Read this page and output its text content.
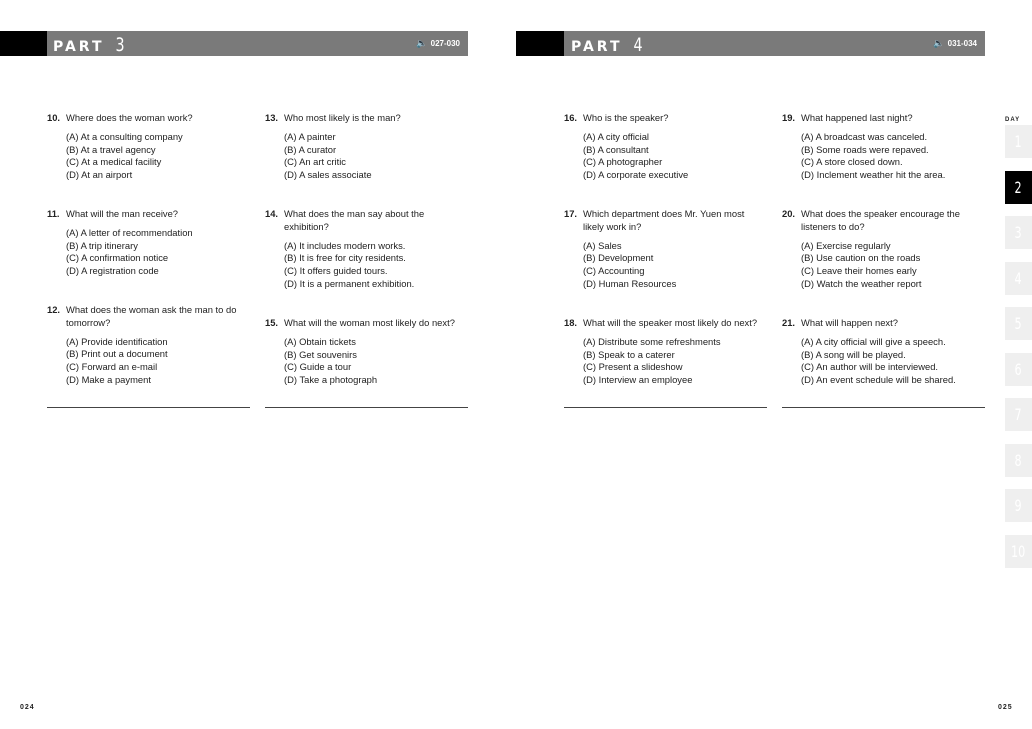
PART 3	🔈 027-030	PART 4	🔈 031-034
10. Where does the woman work?
(A) At a consulting company
(B) At a travel agency
(C) At a medical facility
(D) At an airport
11. What will the man receive?
(A) A letter of recommendation
(B) A trip itinerary
(C) A confirmation notice
(D) A registration code
12. What does the woman ask the man to do tomorrow?
(A) Provide identification
(B) Print out a document
(C) Forward an e-mail
(D) Make a payment
13. Who most likely is the man?
(A) A painter
(B) A curator
(C) An art critic
(D) A sales associate
14. What does the man say about the exhibition?
(A) It includes modern works.
(B) It is free for city residents.
(C) It offers guided tours.
(D) It is a permanent exhibition.
15. What will the woman most likely do next?
(A) Obtain tickets
(B) Get souvenirs
(C) Guide a tour
(D) Take a photograph
16. Who is the speaker?
(A) A city official
(B) A consultant
(C) A photographer
(D) A corporate executive
17. Which department does Mr. Yuen most likely work in?
(A) Sales
(B) Development
(C) Accounting
(D) Human Resources
18. What will the speaker most likely do next?
(A) Distribute some refreshments
(B) Speak to a caterer
(C) Present a slideshow
(D) Interview an employee
19. What happened last night?
(A) A broadcast was canceled.
(B) Some roads were repaved.
(C) A store closed down.
(D) Inclement weather hit the area.
20. What does the speaker encourage the listeners to do?
(A) Exercise regularly
(B) Use caution on the roads
(C) Leave their homes early
(D) Watch the weather report
21. What will happen next?
(A) A city official will give a speech.
(B) A song will be played.
(C) An author will be interviewed.
(D) An event schedule will be shared.
DAY
1
2
3
4
5
6
7
8
9
10
024	025
